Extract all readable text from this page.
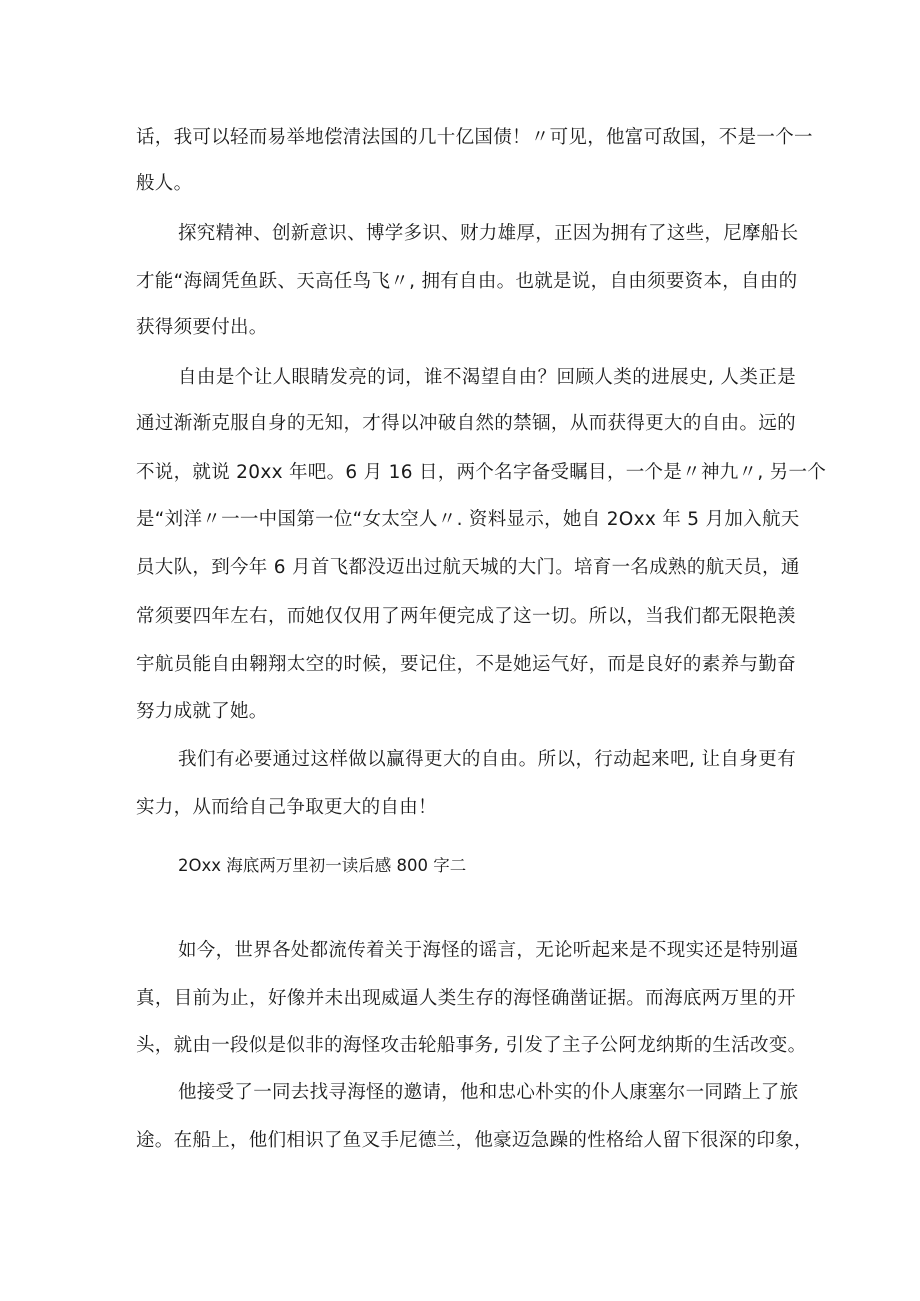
话，我可以轻而易举地偿清法国的几十亿国债！〃可见，他富可敌国，不是一个一
般人。
探究精神、创新意识、博学多识、财力雄厚，正因为拥有了这些，尼摩船长
才能“海阔凭鱼跃、天高任鸟飞〃, 拥有自由。也就是说，自由须要资本，自由的
获得须要付出。
自由是个让人眼睛发亮的词，谁不渴望自由？回顾人类的进展史, 人类正是
通过渐渐克服自身的无知，才得以冲破自然的禁锢，从而获得更大的自由。远的
不说，就说 20xx 年吧。6 月 16 日，两个名字备受瞩目，一个是〃神九〃, 另一个
是“刘洋〃一一中国第一位“女太空人〃. 资料显示，她自 2Oxx 年 5 月加入航天
员大队，到今年 6 月首飞都没迈出过航天城的大门。培育一名成熟的航天员，通
常须要四年左右，而她仅仅用了两年便完成了这一切。所以，当我们都无限艳羡
宇航员能自由翱翔太空的时候，要记住，不是她运气好，而是良好的素养与勤奋
努力成就了她。
我们有必要通过这样做以赢得更大的自由。所以，行动起来吧, 让自身更有
实力，从而给自己争取更大的自由！
2Oxx 海底两万里初一读后感 800 字二
如今，世界各处都流传着关于海怪的谣言，无论听起来是不现实还是特别逼
真，目前为止，好像并未出现威逼人类生存的海怪确凿证据。而海底两万里的开
头，就由一段似是似非的海怪攻击轮船事务, 引发了主子公阿龙纳斯的生活改变。
他接受了一同去找寻海怪的邀请，他和忠心朴实的仆人康塞尔一同踏上了旅
途。在船上，他们相识了鱼叉手尼德兰，他豪迈急躁的性格给人留下很深的印象，
